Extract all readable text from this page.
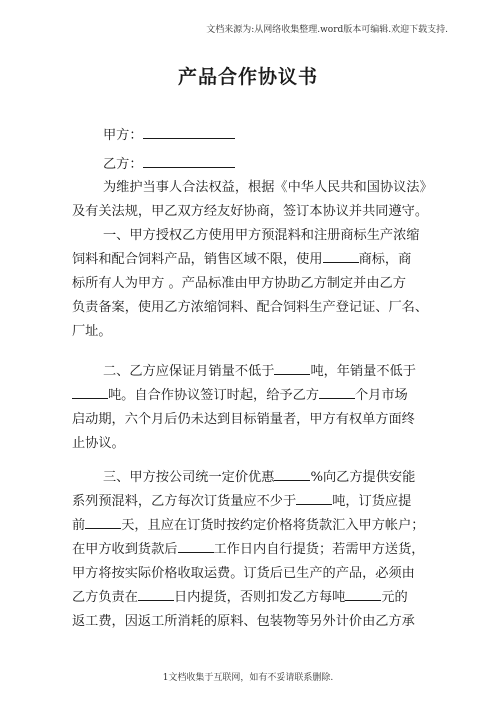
文档来源为:从网络收集整理.word版本可编辑.欢迎下载支持.
产品合作协议书
甲方：
乙方：
为维护当事人合法权益，根据《中华人民共和国协议法》
及有关法规，甲乙双方经友好协商，签订本协议并共同遵守。
一、甲方授权乙方使用甲方预混料和注册商标生产浓缩
饲料和配合饲料产品，销售区域不限，使用	商标，商
标所有人为甲方 。产品标准由甲方协助乙方制定并由乙方
负责备案，使用乙方浓缩饲料、配合饲料生产登记证、厂名、
厂址。
二、乙方应保证月销量不低于	吨，年销量不低于
吨。自合作协议签订时起，给予乙方	个月市场
启动期，六个月后仍未达到目标销量者，甲方有权单方面终
止协议。
三、甲方按公司统一定价优惠	%向乙方提供安能
系列预混料，乙方每次订货量应不少于	吨，订货应提
前	天，且应在订货时按约定价格将货款汇入甲方帐户；
在甲方收到货款后	工作日内自行提货；若需甲方送货，
甲方将按实际价格收取运费。订货后已生产的产品，必须由
乙方负责在	日内提货，否则扣发乙方每吨	元的
返工费，因返工所消耗的原料、包装物等另外计价由乙方承
1文档收集于互联网，如有不妥请联系删除.
